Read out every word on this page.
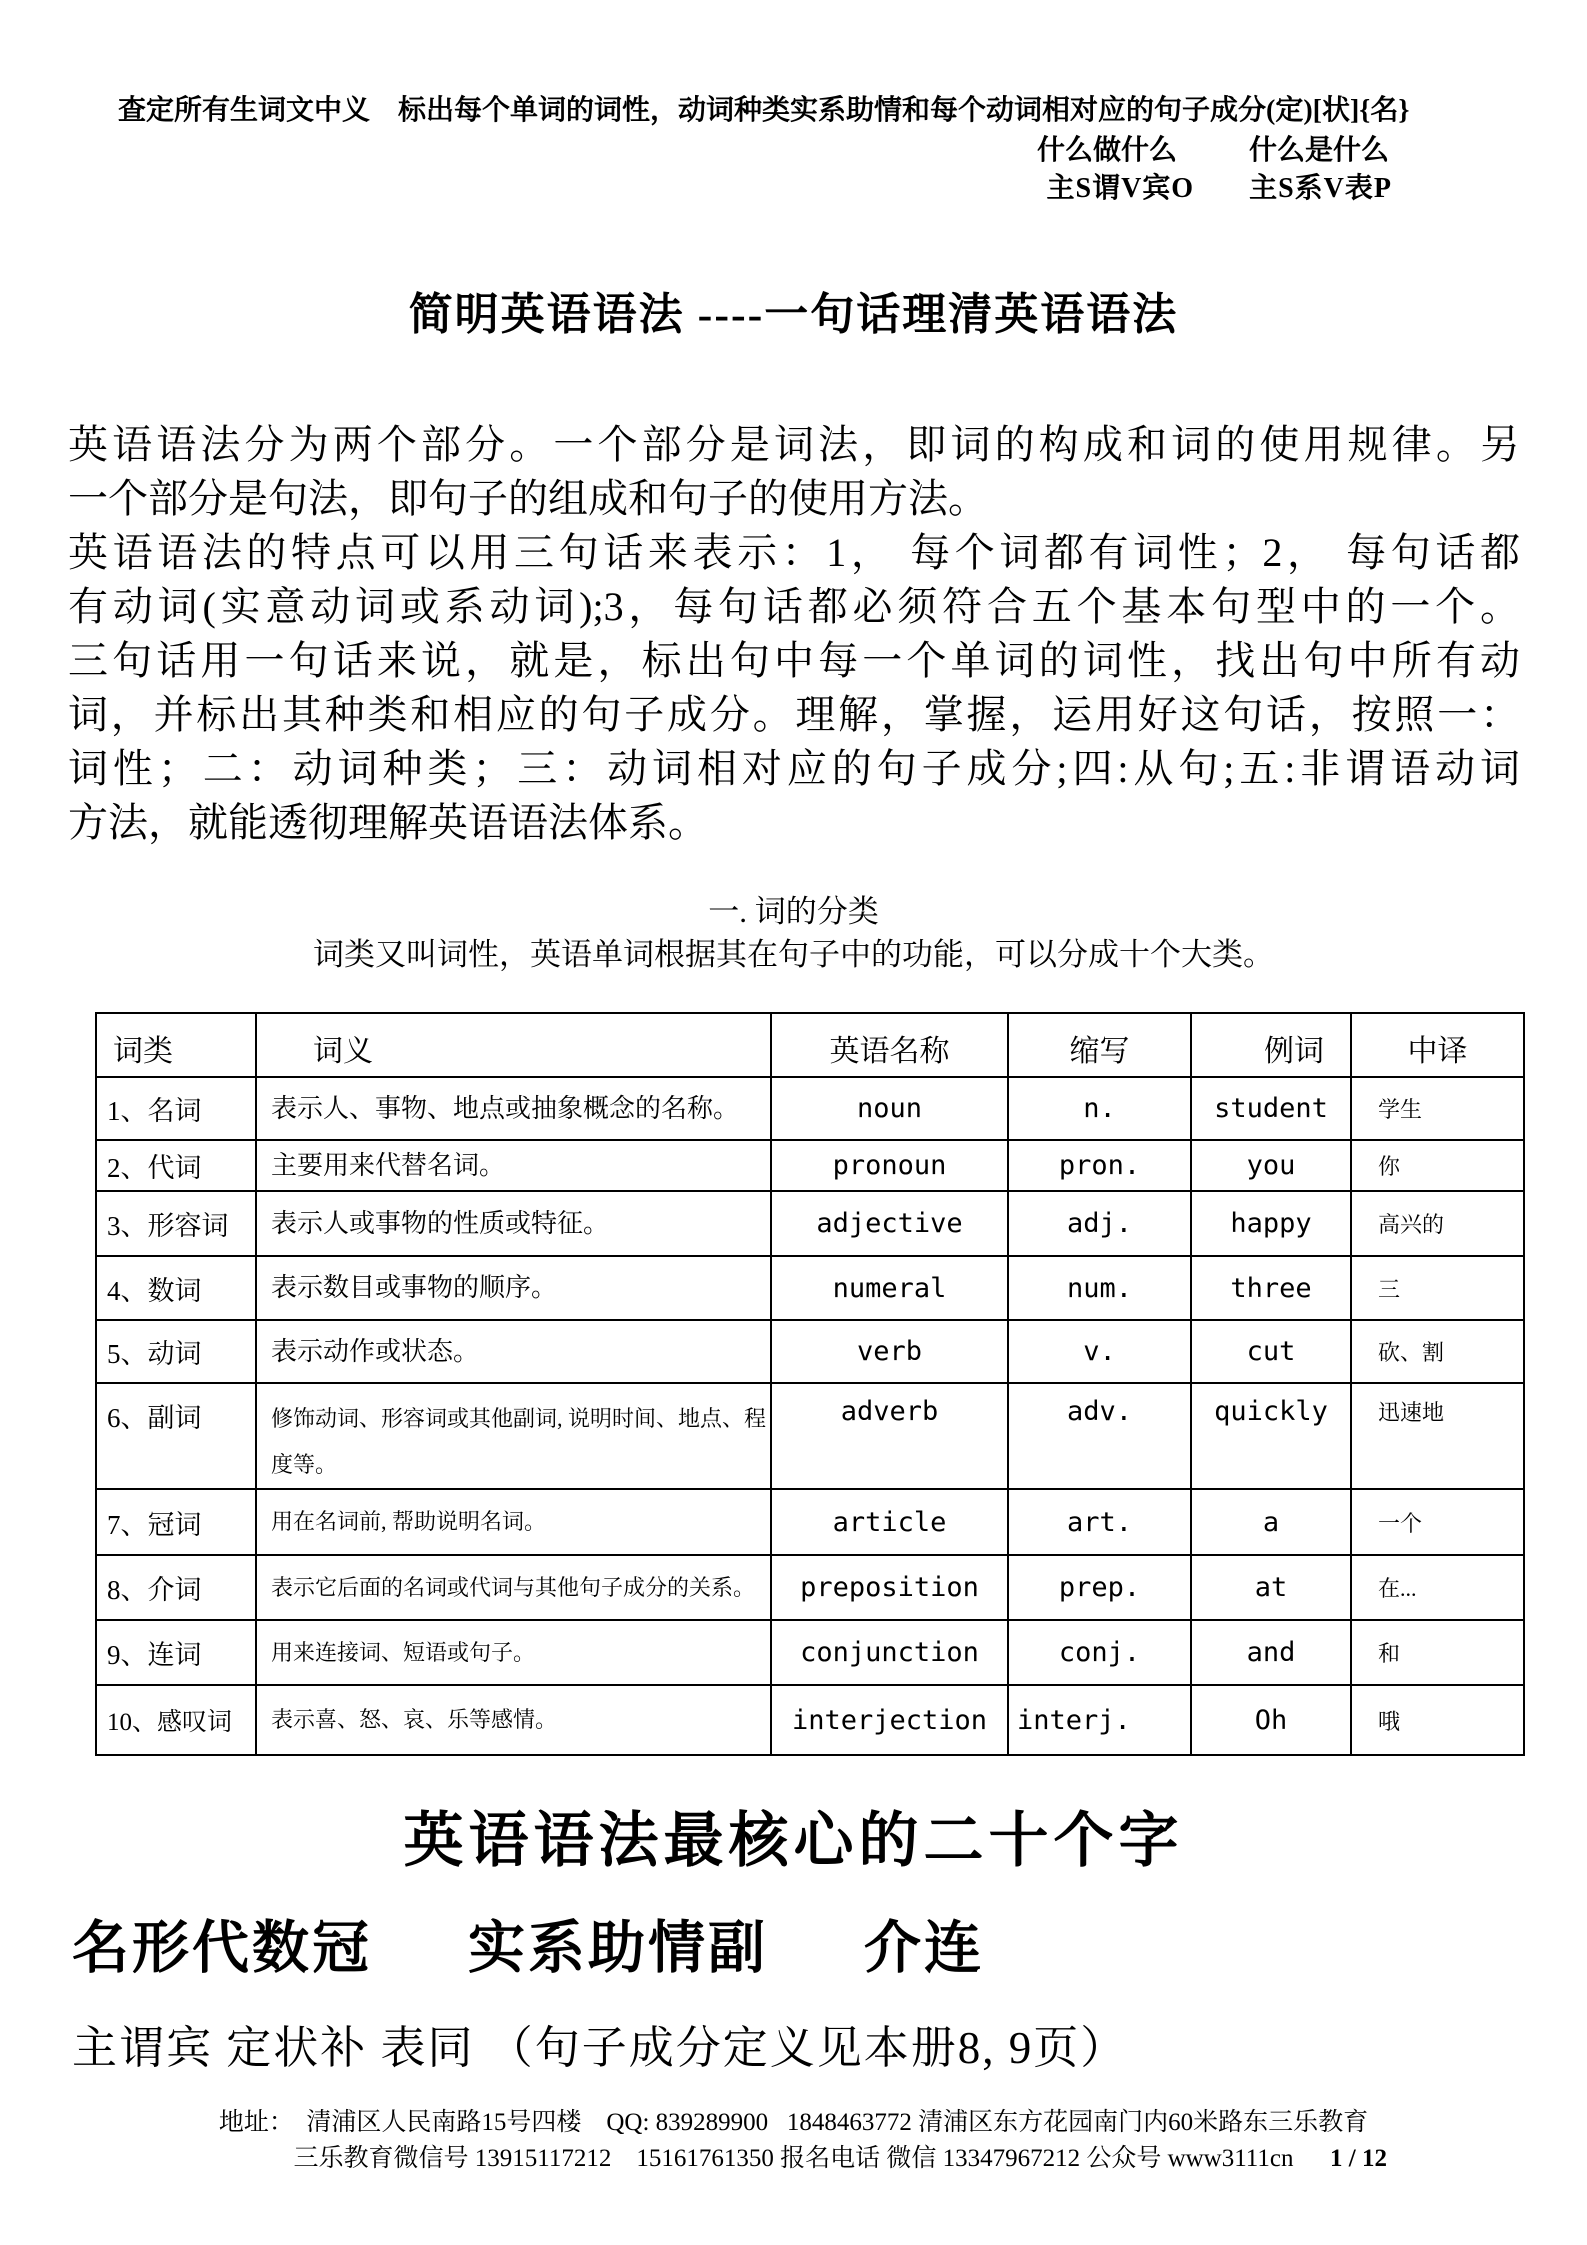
查定所有生词文中义　标出每个单词的词性，动词种类实系助情和每个动词相对应的句子成分(定)[状]{名}
什么做什么	什么是什么
主S谓V宾O 主S系V表P
简明英语语法 ----一句话理清英语语法
英语语法分为两个部分。一个部分是词法，即词的构成和词的使用规律。另
一个部分是句法，即句子的组成和句子的使用方法。
英语语法的特点可以用三句话来表示：1， 每个词都有词性；2， 每句话都
有动词(实意动词或系动词);3，每句话都必须符合五个基本句型中的一个。
三句话用一句话来说，就是，标出句中每一个单词的词性，找出句中所有动
词，并标出其种类和相应的句子成分。理解，掌握，运用好这句话，按照一：
词性；二：动词种类；三：动词相对应的句子成分;四:从句;五:非谓语动词
方法，就能透彻理解英语语法体系。
一. 词的分类
词类又叫词性，英语单词根据其在句子中的功能，可以分成十个大类。
词类	词义	英语名称	缩写	例词	中译
1、名词	表示人、事物、地点或抽象概念的名称。	noun	n.	student	学生
2、代词	主要用来代替名词。	pronoun	pron.	you	你
3、形容词	表示人或事物的性质或特征。	adjective	adj.	happy	高兴的
4、数词	表示数目或事物的顺序。	numeral	num.	three	三
5、动词	表示动作或状态。	verb	v.	cut	砍、割
6、副词	修饰动词、形容词或其他副词, 说明时间、地点、程度等。	adverb	adv.	quickly	迅速地
7、冠词	用在名词前, 帮助说明名词。	article	art.	a	一个
8、介词	表示它后面的名词或代词与其他句子成分的关系。	preposition	prep.	at	在...
9、连词	用来连接词、短语或句子。	conjunction	conj.	and	和
10、感叹词	表示喜、怒、哀、乐等感情。	interjection	interj.	Oh	哦
英语语法最核心的二十个字
名形代数冠 实系助情副 介连
主谓宾 定状补 表同 （句子成分定义见本册8, 9页）
地址：  清浦区人民南路15号四楼    QQ: 839289900   1848463772 清浦区东方花园南门内60米路东三乐教育
三乐教育微信号 13915117212    15161761350 报名电话 微信 13347967212 公众号 www3111cn	1 / 12
